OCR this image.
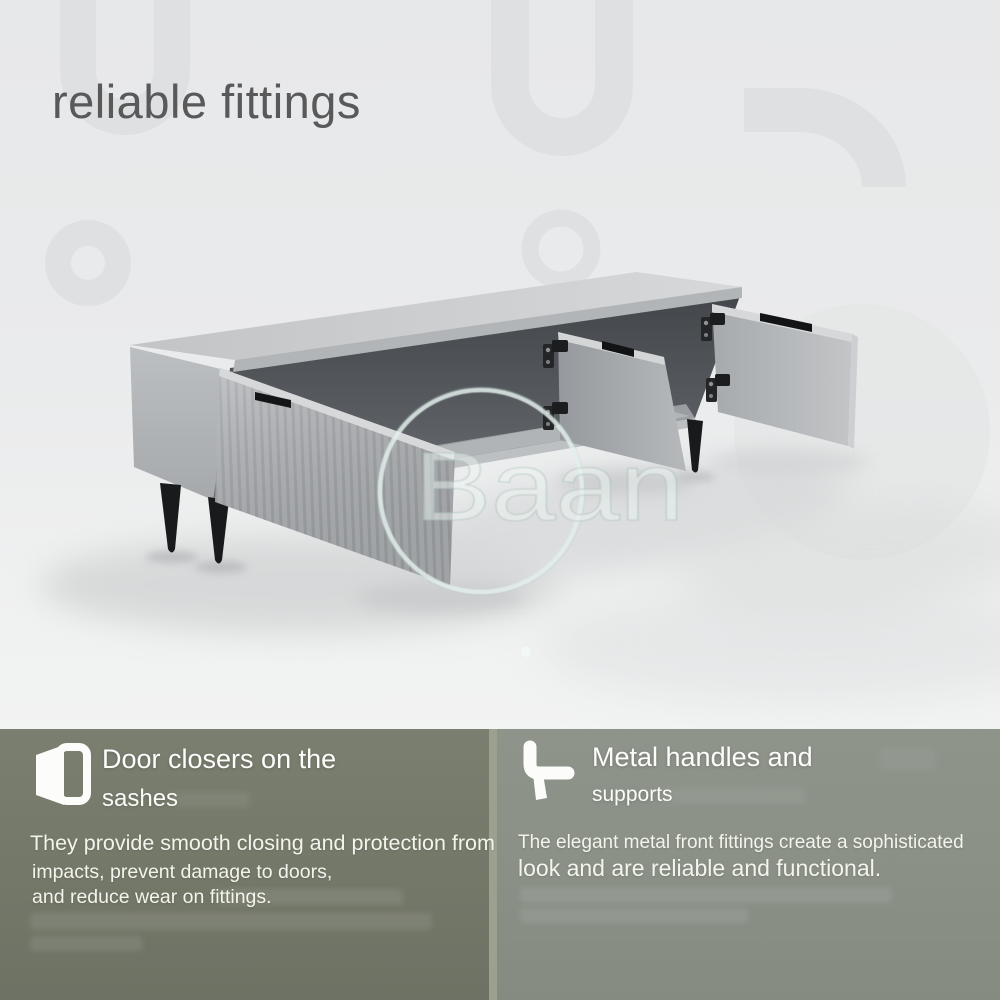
Baan
reliable fittings
Door closers on the
sashes
They provide smooth closing and protection from
impacts, prevent damage to doors,
and reduce wear on fittings.
Metal handles and
supports
The elegant metal front fittings create a sophisticated
look and are reliable and functional.
